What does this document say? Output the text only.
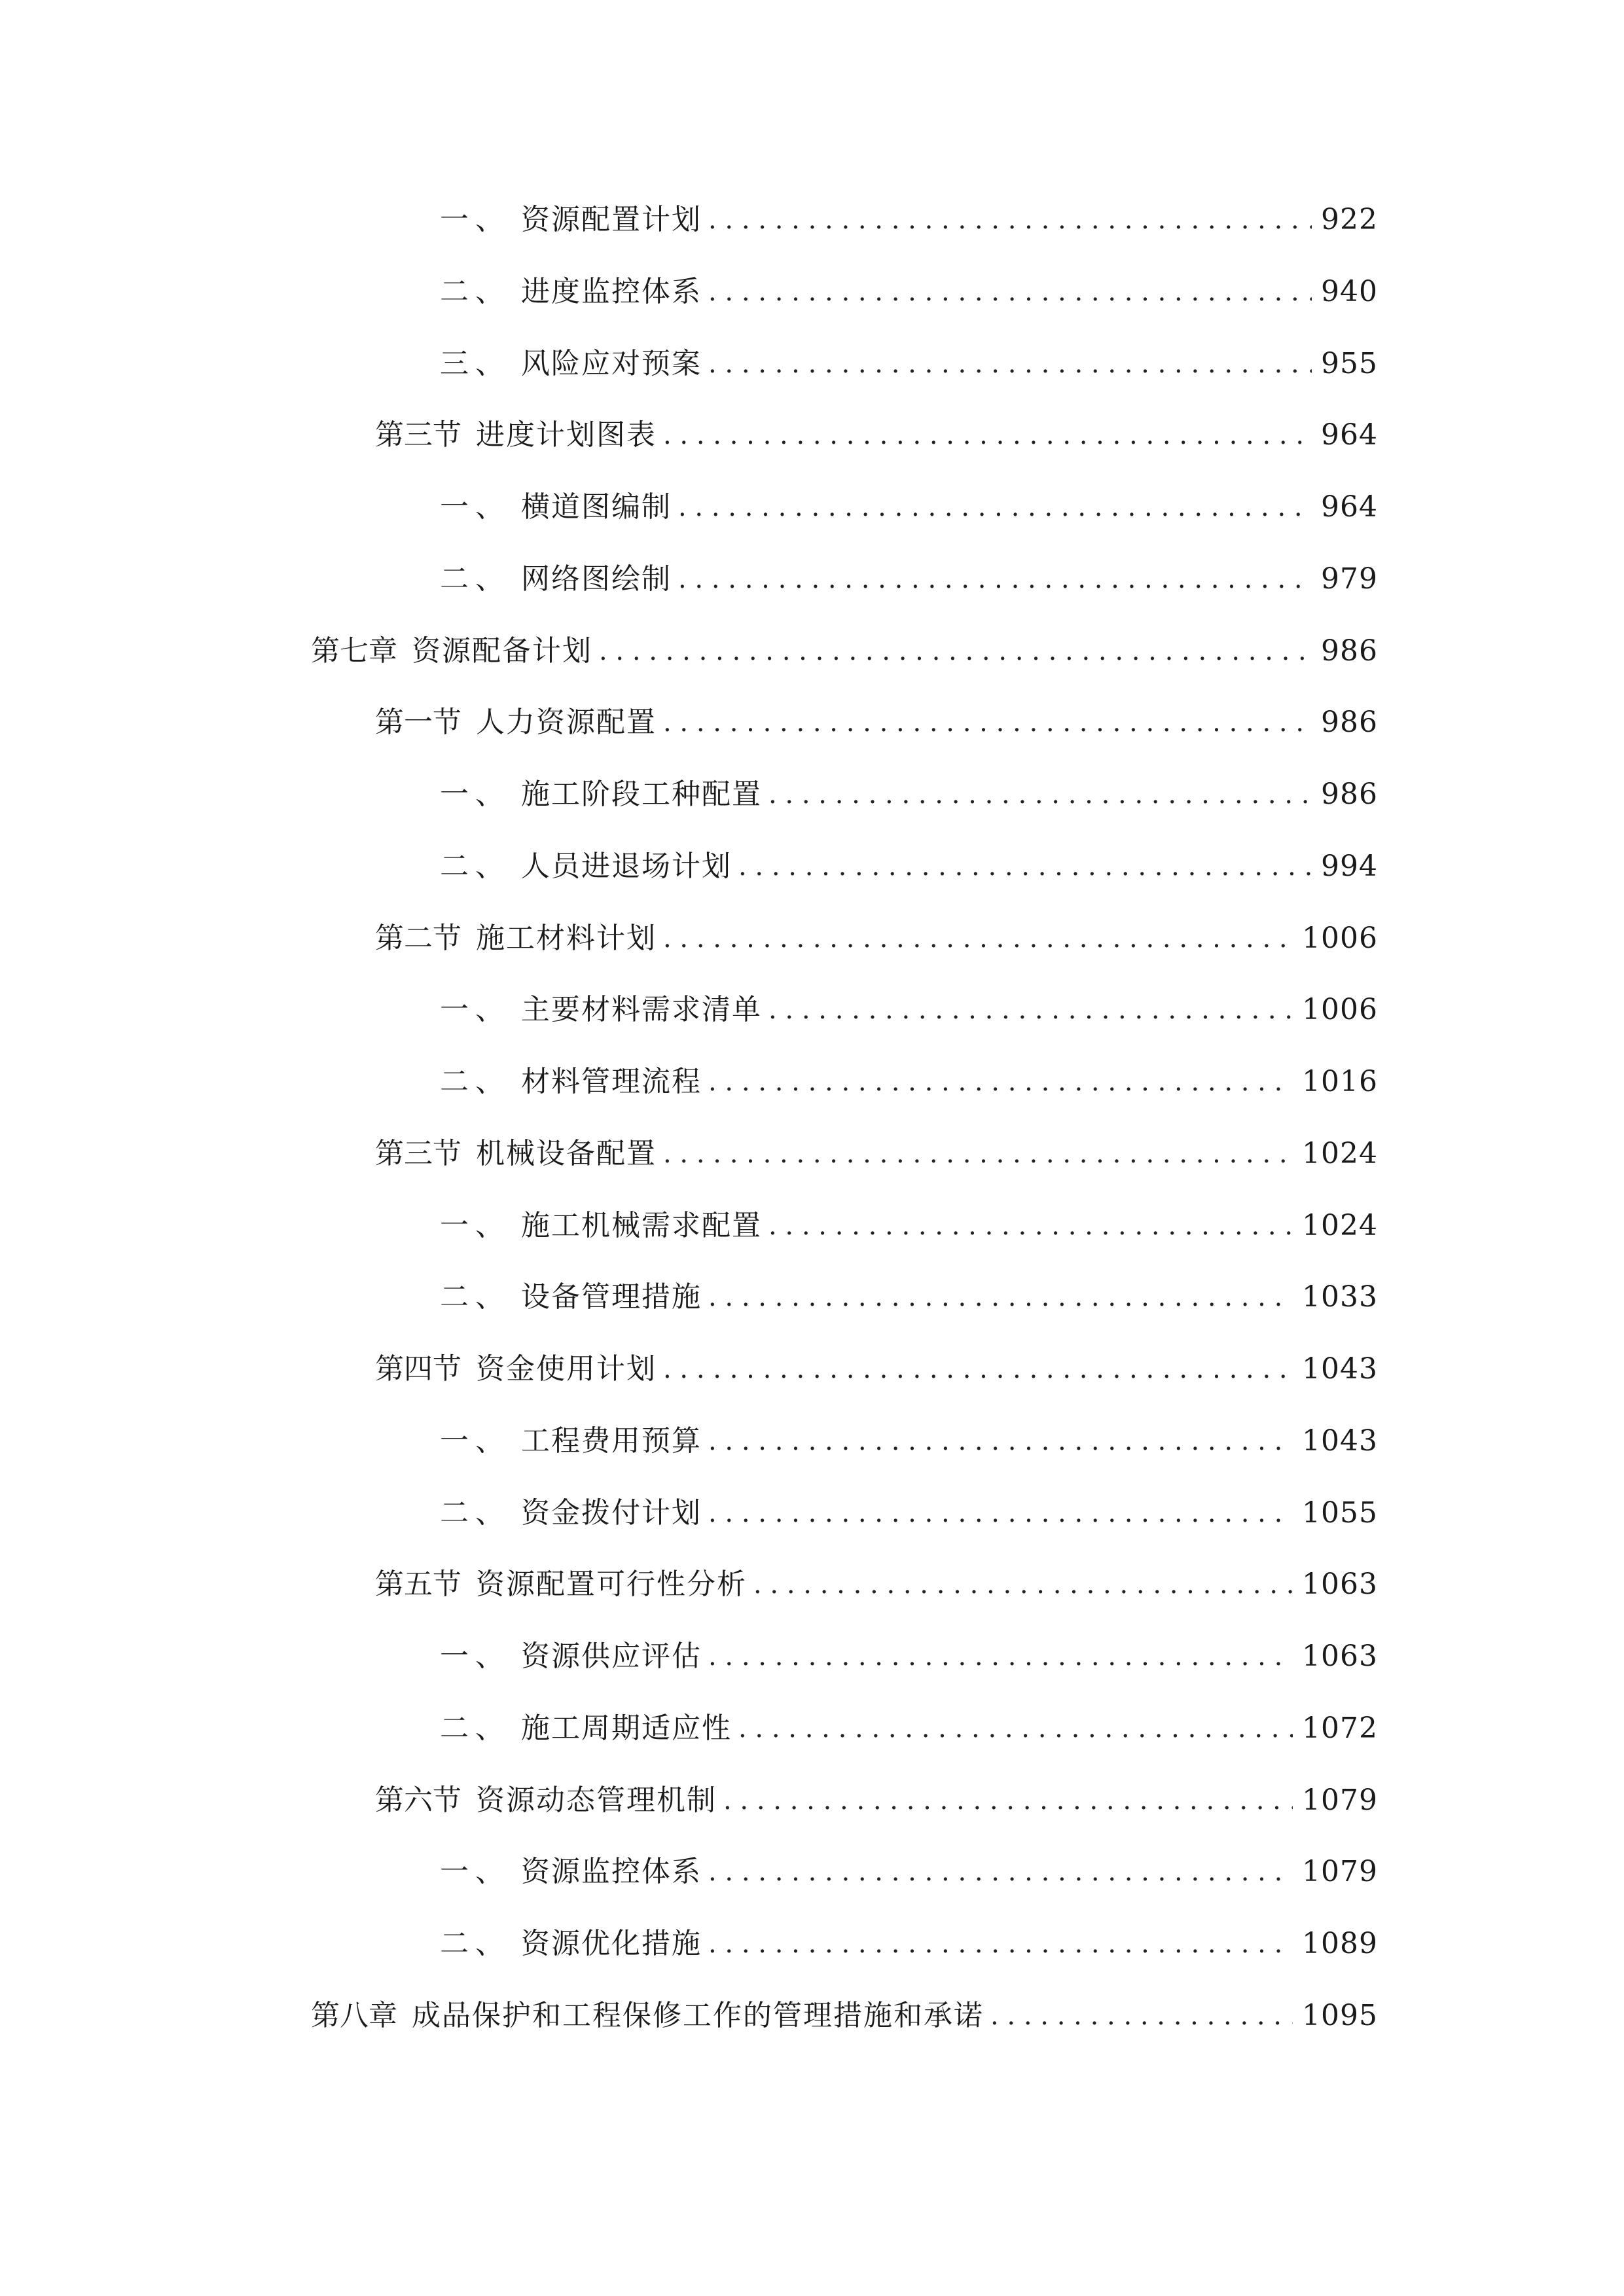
一、 资源配置计划 . . .	922
二、 进度监控体系 . . .	940
三、 风险应对预案 . . .	955
第三节 进度计划图表 . . .	964
一、 横道图编制 . . .	964
二、 网络图绘制 . . .	979
第七章 资源配备计划 . . .	986
第一节 人力资源配置 . . .	986
一、 施工阶段工种配置 . . .	986
二、 人员进退场计划 . . .	994
第二节 施工材料计划 . . .	1006
一、 主要材料需求清单 . . .	1006
二、 材料管理流程 . . .	1016
第三节 机械设备配置 . . .	1024
一、 施工机械需求配置 . . .	1024
二、 设备管理措施 . . .	1033
第四节 资金使用计划 . . .	1043
一、 工程费用预算 . . .	1043
二、 资金拨付计划 . . .	1055
第五节 资源配置可行性分析 . . .	1063
一、 资源供应评估 . . .	1063
二、 施工周期适应性 . . .	1072
第六节 资源动态管理机制 . . .	1079
一、 资源监控体系 . . .	1079
二、 资源优化措施 . . .	1089
第八章 成品保护和工程保修工作的管理措施和承诺 . . .	1095
